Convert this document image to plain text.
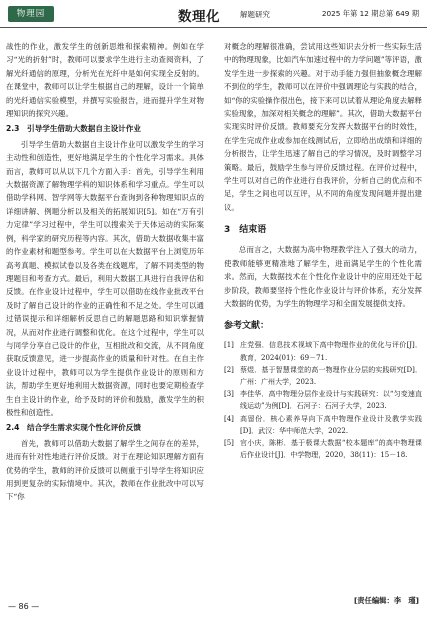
物理园	数理化	解题研究	2025 年第 12 期总第 649 期

战性的作业，激发学生的创新思维和探索精神。例如在学习“光的折射”时，教师可以要求学生进行主动查阅资料，了解光纤通信的原理，分析光在光纤中是如何实现全反射的。在课堂中，教师可以让学生根据自己的理解，设计一个简单的光纤通信实验模型，并撰写实验报告，进而提升学生对物理知识的探究兴趣。

2.3　引导学生借助大数据自主设计作业

引导学生借助大数据自主设计作业可以激发学生的学习主动性和创造性，更好地满足学生的个性化学习需求。具体而言，教师可以从以下几个方面入手：首先，引导学生利用大数据资源了解物理学科的知识体系和学习重点。学生可以借助学科网、智学网等大数据平台查询到各种物理知识点的详细讲解、例题分析以及相关的拓展知识[5]。如在“万有引力定律”学习过程中，学生可以搜索关于天体运动的实际案例，科学家的研究历程等内容。其次，借助大数据收集丰富的作业素材和题型参考。学生可以在大数据平台上浏览历年高考真题、模拟试卷以及各类在线题库，了解不同类型的物理题目和考查方式。最后，利用大数据工具进行自我评估和反馈。在作业设计过程中，学生可以借助在线作业批改平台及时了解自己设计的作业的正确性和不足之处。学生可以通过错误提示和详细解析反思自己的解题思路和知识掌握情况，从而对作业进行调整和优化。在这个过程中，学生可以与同学分享自己设计的作业，互相批改和交流，从不同角度获取反馈意见，进一步提高作业的质量和针对性。在自主作业设计过程中，教师可以为学生提供作业设计的原则和方法，帮助学生更好地利用大数据资源，同时也要定期检查学生自主设计的作业，给予及时的评价和鼓励，激发学生的积极性和创造性。

2.4　结合学生需求实现个性化评价反馈

首先，教师可以借助大数据了解学生之间存在的差异，进而有针对性地进行评价反馈。对于在理论知识理解方面有优势的学生，教师的评价反馈可以侧重于引导学生将知识应用到更复杂的实际情境中。其次，教师在作业批改中可以写下“你

对概念的理解很准确，尝试用这些知识去分析一些实际生活中的物理现象，比如汽车加速过程中的力学问题”等评语，激发学生进一步探索的兴趣。对于动手能力强但抽象概念理解不到位的学生，教师可以在评价中强调理论与实践的结合，如“你的实验操作很出色，接下来可以试着从理论角度去解释实验现象，加深对相关概念的理解”。其次，借助大数据平台实现实时评价反馈。教师要充分发挥大数据平台的时效性，在学生完成作业或参加在线测试后，立即给出成绩和详细的分析报告，让学生迅速了解自己的学习情况，及时调整学习策略。最后，鼓励学生参与评价反馈过程。在评价过程中，学生可以对自己的作业进行自我评价，分析自己的优点和不足，学生之间也可以互评，从不同的角度发现问题并提出建议。

3　结束语

总而言之，大数据为高中物理教学注入了强大的动力，使教师能够更精准地了解学生，进而满足学生的个性化需求。然而，大数据技术在个性化作业设计中的应用还处于起步阶段，教师要坚持个性化作业设计与评价体系，充分发挥大数据的优势，为学生的物理学习和全面发展提供支持。

参考文献：
[1] 庄党强．信息技术视域下高中物理作业的优化与评价[J]．教育，2024(01)：69－71.
[2] 蔡煜．基于智慧课堂的高一物理作业分层的实践研究[D]．广州：广州大学，2023.
[3] 李佳华．高中物理分层作业设计与实践研究：以“匀变速直线运动”为例[D]．石河子：石河子大学，2023.
[4] 高留份．核心素养导向下高中物理作业设计及教学实践[D]．武汉：华中师范大学，2022.
[5] 官小庆，陈彬．基于极课大数据“校本题库”的高中物理课后作业设计[J]．中学物理，2020，38(11)：15－18.
[责任编辑：李　瑾]
— 86 —
